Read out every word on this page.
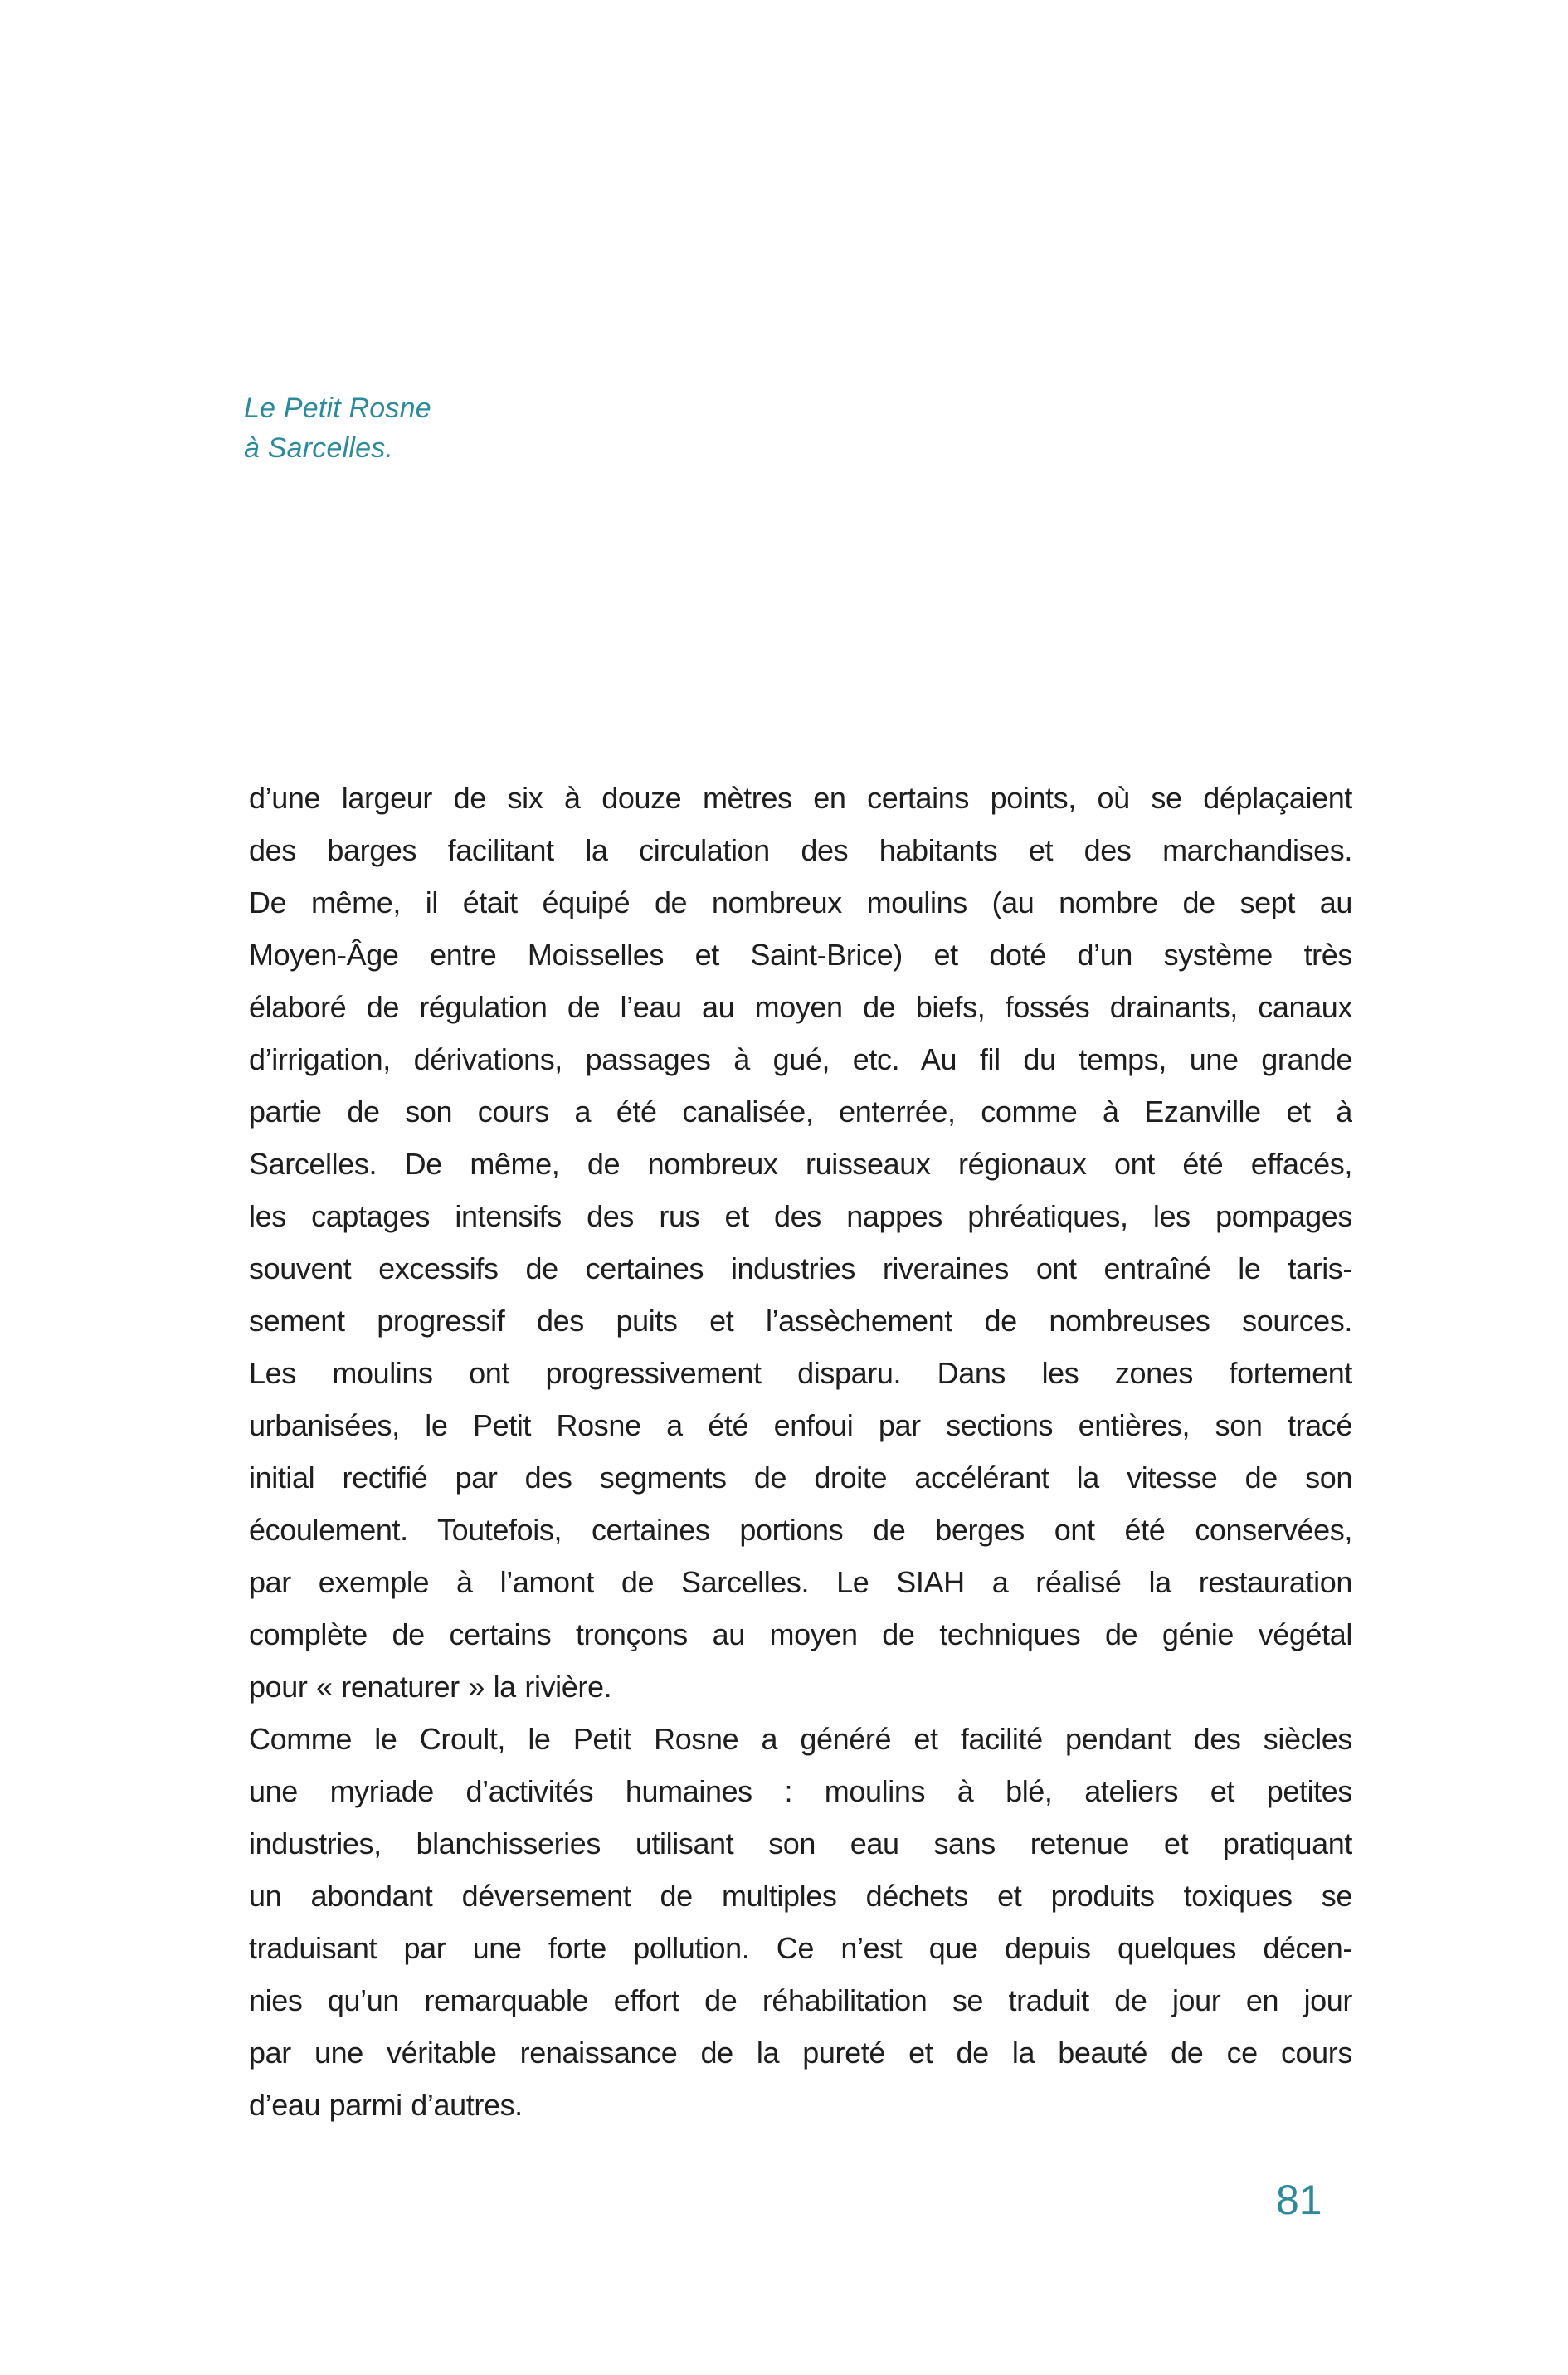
Le Petit Rosne
à Sarcelles.
d’une largeur de six à douze mètres en certains points, où se déplaçaient
des barges facilitant la circulation des habitants et des marchandises.
De même, il était équipé de nombreux moulins (au nombre de sept au
Moyen-Âge entre Moisselles et Saint-Brice) et doté d’un système très
élaboré de régulation de l’eau au moyen de biefs, fossés drainants, canaux
d’irrigation, dérivations, passages à gué, etc. Au fil du temps, une grande
partie de son cours a été canalisée, enterrée, comme à Ezanville et à
Sarcelles. De même, de nombreux ruisseaux régionaux ont été effacés,
les captages intensifs des rus et des nappes phréatiques, les pompages
souvent excessifs de certaines industries riveraines ont entraîné le taris-
sement progressif des puits et l’assèchement de nombreuses sources.
Les moulins ont progressivement disparu. Dans les zones fortement
urbanisées, le Petit Rosne a été enfoui par sections entières, son tracé
initial rectifié par des segments de droite accélérant la vitesse de son
écoulement. Toutefois, certaines portions de berges ont été conservées,
par exemple à l’amont de Sarcelles. Le SIAH a réalisé la restauration
complète de certains tronçons au moyen de techniques de génie végétal
pour « renaturer » la rivière.
Comme le Croult, le Petit Rosne a généré et facilité pendant des siècles
une myriade d’activités humaines : moulins à blé, ateliers et petites
industries, blanchisseries utilisant son eau sans retenue et pratiquant
un abondant déversement de multiples déchets et produits toxiques se
traduisant par une forte pollution. Ce n’est que depuis quelques décen-
nies qu’un remarquable effort de réhabilitation se traduit de jour en jour
par une véritable renaissance de la pureté et de la beauté de ce cours
d’eau parmi d’autres.
81
